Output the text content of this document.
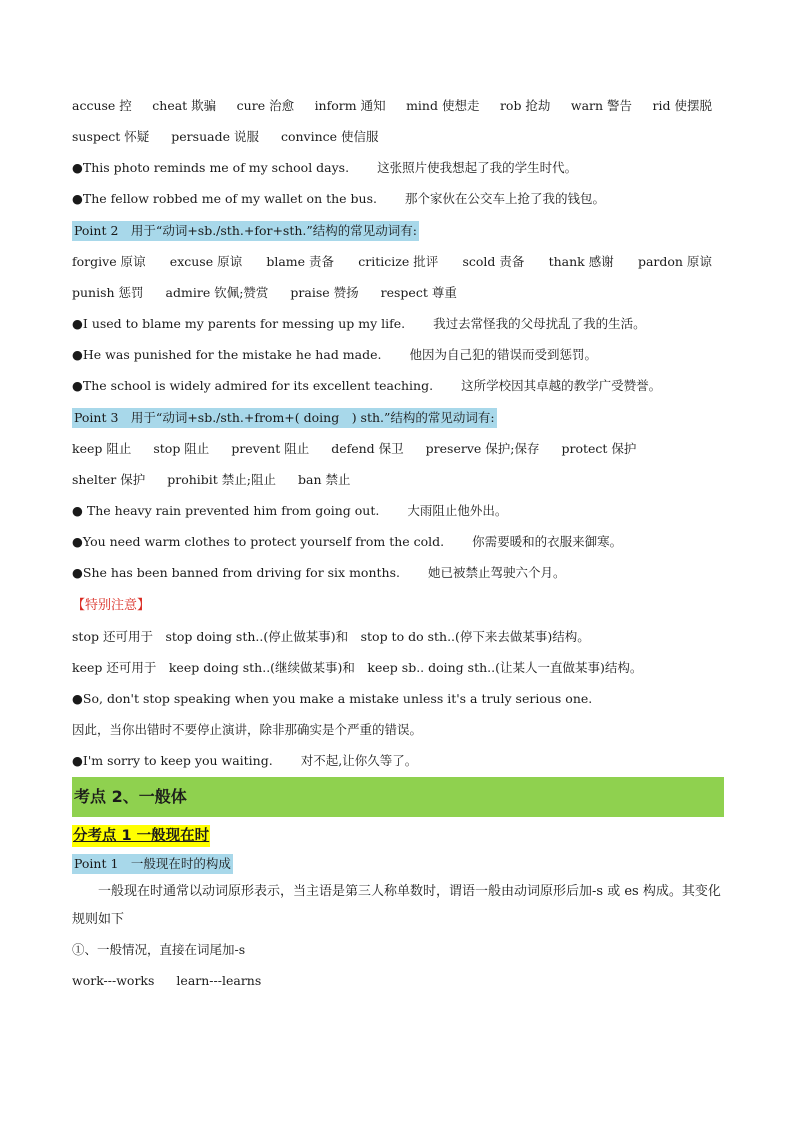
accuse 控 cheat 欺骗 cure 治愈 inform 通知 mind 使想走 rob 抢劫 warn 警告 rid 使摆脱
suspect 怀疑 persuade 说服 convince 使信服
●This photo reminds me of my school days. 这张照片使我想起了我的学生时代。
●The fellow robbed me of my wallet on the bus. 那个家伙在公交车上抢了我的钱包。
Point 2　用于“动词+sb./sth.+for+sth.”结构的常见动词有:
forgive 原谅 excuse 原谅 blame 责备 criticize 批评 scold 责备 thank 感谢 pardon 原谅
punish 惩罚 admire 钦佩;赞赏 praise 赞扬 respect 尊重
●I used to blame my parents for messing up my life. 我过去常怪我的父母扰乱了我的生活。
●He was punished for the mistake he had made. 他因为自己犯的错误而受到惩罚。
●The school is widely admired for its excellent teaching. 这所学校因其卓越的教学广受赞誉。
Point 3　用于“动词+sb./sth.+from+( doing　) sth.”结构的常见动词有:
keep 阻止 stop 阻止 prevent 阻止 defend 保卫 preserve 保护;保存 protect 保护
shelter 保护 prohibit 禁止;阻止 ban 禁止
● The heavy rain prevented him from going out. 大雨阻止他外出。
●You need warm clothes to protect yourself from the cold. 你需要暖和的衣服来御寒。
●She has been banned from driving for six months. 她已被禁止驾驶六个月。
【特别注意】

stop 还可用于　stop doing sth..(停止做某事)和　stop to do sth..(停下来去做某事)结构。

keep 还可用于　keep doing sth..(继续做某事)和　keep sb.. doing sth..(让某人一直做某事)结构。

●So, don't stop speaking when you make a mistake unless it's a truly serious one.

因此，当你出错时不要停止演讲，除非那确实是个严重的错误。

●I'm sorry to keep you waiting. 对不起,让你久等了。
考点 2、一般体
分考点 1 一般现在时
Point 1　一般现在时的构成

一般现在时通常以动词原形表示，当主语是第三人称单数时，谓语一般由动词原形后加-s 或 es 构成。其变化规则如下

①、一般情况，直接在词尾加-s

work---works learn---learns
